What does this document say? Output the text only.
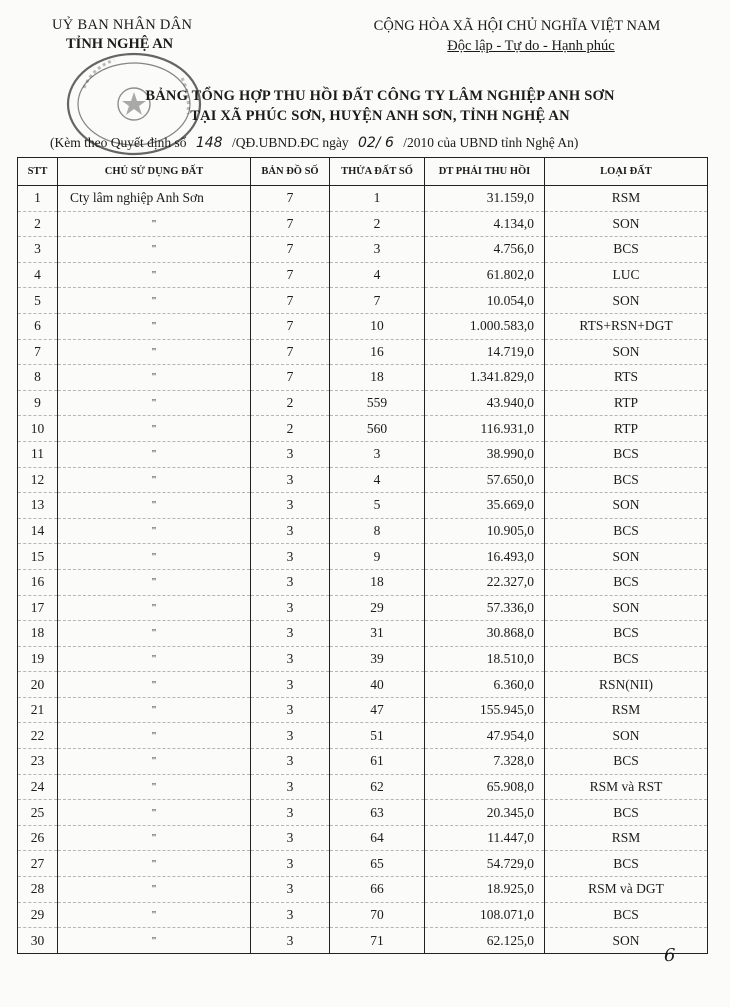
UỶ BAN NHÂN DÂN
TỈNH NGHỆ AN
CỘNG HÒA XÃ HỘI CHỦ NGHĨA VIỆT NAM
Độc lập - Tự do - Hạnh phúc
BẢNG TỔNG HỢP THU HỒI ĐẤT CÔNG TY LÂM NGHIỆP ANH SƠN
TẠI XÃ PHÚC SƠN, HUYỆN ANH SƠN, TỈNH NGHỆ AN
(Kèm theo Quyết định số 148 /QĐ.UBND.ĐC ngày 02/ 6 /2010 của UBND tỉnh Nghệ An)
STT	CHỦ SỬ DỤNG ĐẤT	BẢN ĐỒ SỐ	THỬA ĐẤT SỐ	DT PHẢI THU HỒI	LOẠI ĐẤT
1	Cty lâm nghiệp Anh Sơn	7	1	31.159,0	RSM
2	"	7	2	4.134,0	SON
3	"	7	3	4.756,0	BCS
4	"	7	4	61.802,0	LUC
5	"	7	7	10.054,0	SON
6	"	7	10	1.000.583,0	RTS+RSN+DGT
7	"	7	16	14.719,0	SON
8	"	7	18	1.341.829,0	RTS
9	"	2	559	43.940,0	RTP
10	"	2	560	116.931,0	RTP
11	"	3	3	38.990,0	BCS
12	"	3	4	57.650,0	BCS
13	"	3	5	35.669,0	SON
14	"	3	8	10.905,0	BCS
15	"	3	9	16.493,0	SON
16	"	3	18	22.327,0	BCS
17	"	3	29	57.336,0	SON
18	"	3	31	30.868,0	BCS
19	"	3	39	18.510,0	BCS
20	"	3	40	6.360,0	RSN(NII)
21	"	3	47	155.945,0	RSM
22	"	3	51	47.954,0	SON
23	"	3	61	7.328,0	BCS
24	"	3	62	65.908,0	RSM và RST
25	"	3	63	20.345,0	BCS
26	"	3	64	11.447,0	RSM
27	"	3	65	54.729,0	BCS
28	"	3	66	18.925,0	RSM và DGT
29	"	3	70	108.071,0	BCS
30	"	3	71	62.125,0	SON
6
